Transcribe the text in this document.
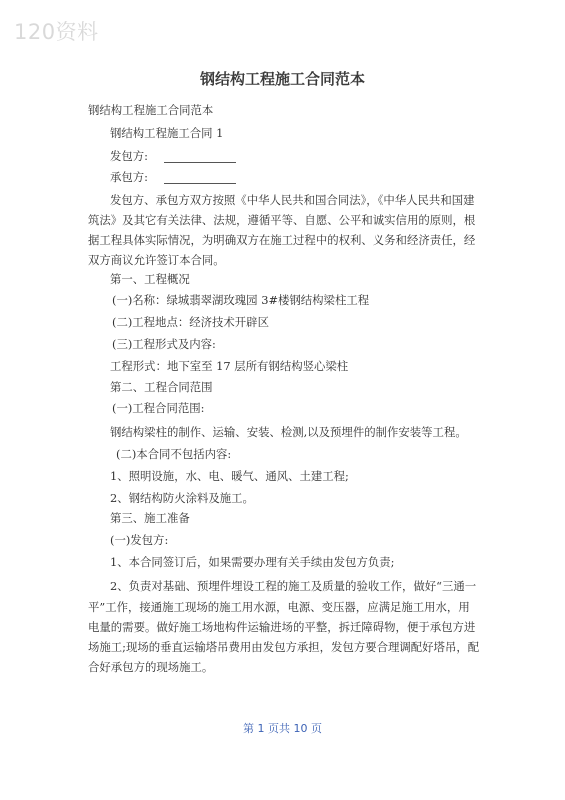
120资料
钢结构工程施工合同范本
钢结构工程施工合同范本
钢结构工程施工合同 1
发包方:
承包方:
发包方、承包方双方按照《中华人民共和国合同法》，《中华人民共和国建
筑法》及其它有关法律、法规，遵循平等、自愿、公平和诚实信用的原则，根
据工程具体实际情况，为明确双方在施工过程中的权利、义务和经济责任，经
双方商议允许签订本合同。
第一、工程概况
(一)名称：绿城翡翠湖玫瑰园 3#楼钢结构梁柱工程
(二)工程地点：经济技术开辟区
(三)工程形式及内容:
工程形式：地下室至 17 层所有钢结构竖心梁柱
第二、工程合同范围
(一)工程合同范围:
钢结构梁柱的制作、运输、安装、检测,以及预埋件的制作安装等工程。
(二)本合同不包括内容:
1、照明设施，水、电、暖气、通风、土建工程;
2、钢结构防火涂料及施工。
第三、施工准备
(一)发包方:
1、本合同签订后，如果需要办理有关手续由发包方负责;
2、负责对基础、预埋件埋设工程的施工及质量的验收工作，做好“三通一
平”工作，接通施工现场的施工用水源，电源、变压器，应满足施工用水，用
电量的需要。做好施工场地构件运输进场的平整，拆迁障碍物，便于承包方进
场施工;现场的垂直运输塔吊费用由发包方承担，发包方要合理调配好塔吊，配
合好承包方的现场施工。
第 1 页共 10 页
